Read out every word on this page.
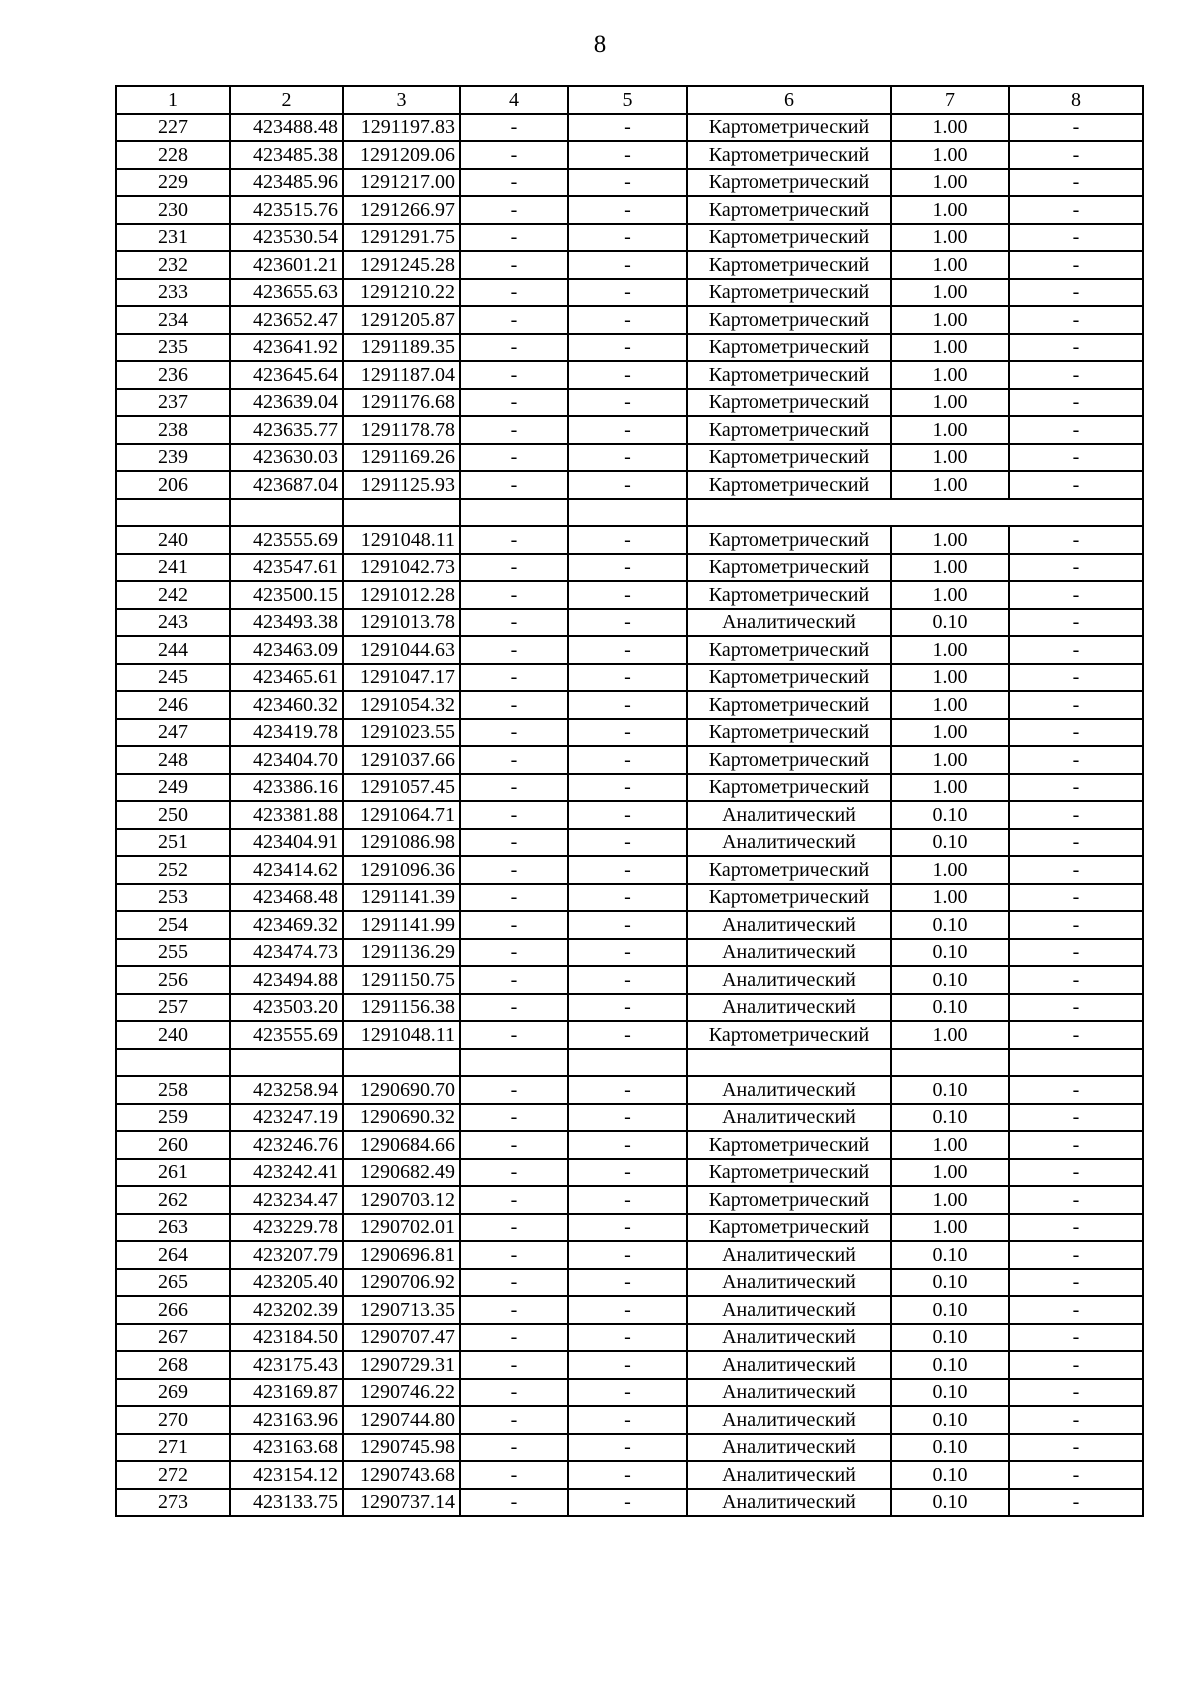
8
1	2	3	4	5	6	7	8
227	423488.48	1291197.83	-	-	Картометрический	1.00	-
228	423485.38	1291209.06	-	-	Картометрический	1.00	-
229	423485.96	1291217.00	-	-	Картометрический	1.00	-
230	423515.76	1291266.97	-	-	Картометрический	1.00	-
231	423530.54	1291291.75	-	-	Картометрический	1.00	-
232	423601.21	1291245.28	-	-	Картометрический	1.00	-
233	423655.63	1291210.22	-	-	Картометрический	1.00	-
234	423652.47	1291205.87	-	-	Картометрический	1.00	-
235	423641.92	1291189.35	-	-	Картометрический	1.00	-
236	423645.64	1291187.04	-	-	Картометрический	1.00	-
237	423639.04	1291176.68	-	-	Картометрический	1.00	-
238	423635.77	1291178.78	-	-	Картометрический	1.00	-
239	423630.03	1291169.26	-	-	Картометрический	1.00	-
206	423687.04	1291125.93	-	-	Картометрический	1.00	-

240	423555.69	1291048.11	-	-	Картометрический	1.00	-
241	423547.61	1291042.73	-	-	Картометрический	1.00	-
242	423500.15	1291012.28	-	-	Картометрический	1.00	-
243	423493.38	1291013.78	-	-	Аналитический	0.10	-
244	423463.09	1291044.63	-	-	Картометрический	1.00	-
245	423465.61	1291047.17	-	-	Картометрический	1.00	-
246	423460.32	1291054.32	-	-	Картометрический	1.00	-
247	423419.78	1291023.55	-	-	Картометрический	1.00	-
248	423404.70	1291037.66	-	-	Картометрический	1.00	-
249	423386.16	1291057.45	-	-	Картометрический	1.00	-
250	423381.88	1291064.71	-	-	Аналитический	0.10	-
251	423404.91	1291086.98	-	-	Аналитический	0.10	-
252	423414.62	1291096.36	-	-	Картометрический	1.00	-
253	423468.48	1291141.39	-	-	Картометрический	1.00	-
254	423469.32	1291141.99	-	-	Аналитический	0.10	-
255	423474.73	1291136.29	-	-	Аналитический	0.10	-
256	423494.88	1291150.75	-	-	Аналитический	0.10	-
257	423503.20	1291156.38	-	-	Аналитический	0.10	-
240	423555.69	1291048.11	-	-	Картометрический	1.00	-

258	423258.94	1290690.70	-	-	Аналитический	0.10	-
259	423247.19	1290690.32	-	-	Аналитический	0.10	-
260	423246.76	1290684.66	-	-	Картометрический	1.00	-
261	423242.41	1290682.49	-	-	Картометрический	1.00	-
262	423234.47	1290703.12	-	-	Картометрический	1.00	-
263	423229.78	1290702.01	-	-	Картометрический	1.00	-
264	423207.79	1290696.81	-	-	Аналитический	0.10	-
265	423205.40	1290706.92	-	-	Аналитический	0.10	-
266	423202.39	1290713.35	-	-	Аналитический	0.10	-
267	423184.50	1290707.47	-	-	Аналитический	0.10	-
268	423175.43	1290729.31	-	-	Аналитический	0.10	-
269	423169.87	1290746.22	-	-	Аналитический	0.10	-
270	423163.96	1290744.80	-	-	Аналитический	0.10	-
271	423163.68	1290745.98	-	-	Аналитический	0.10	-
272	423154.12	1290743.68	-	-	Аналитический	0.10	-
273	423133.75	1290737.14	-	-	Аналитический	0.10	-
